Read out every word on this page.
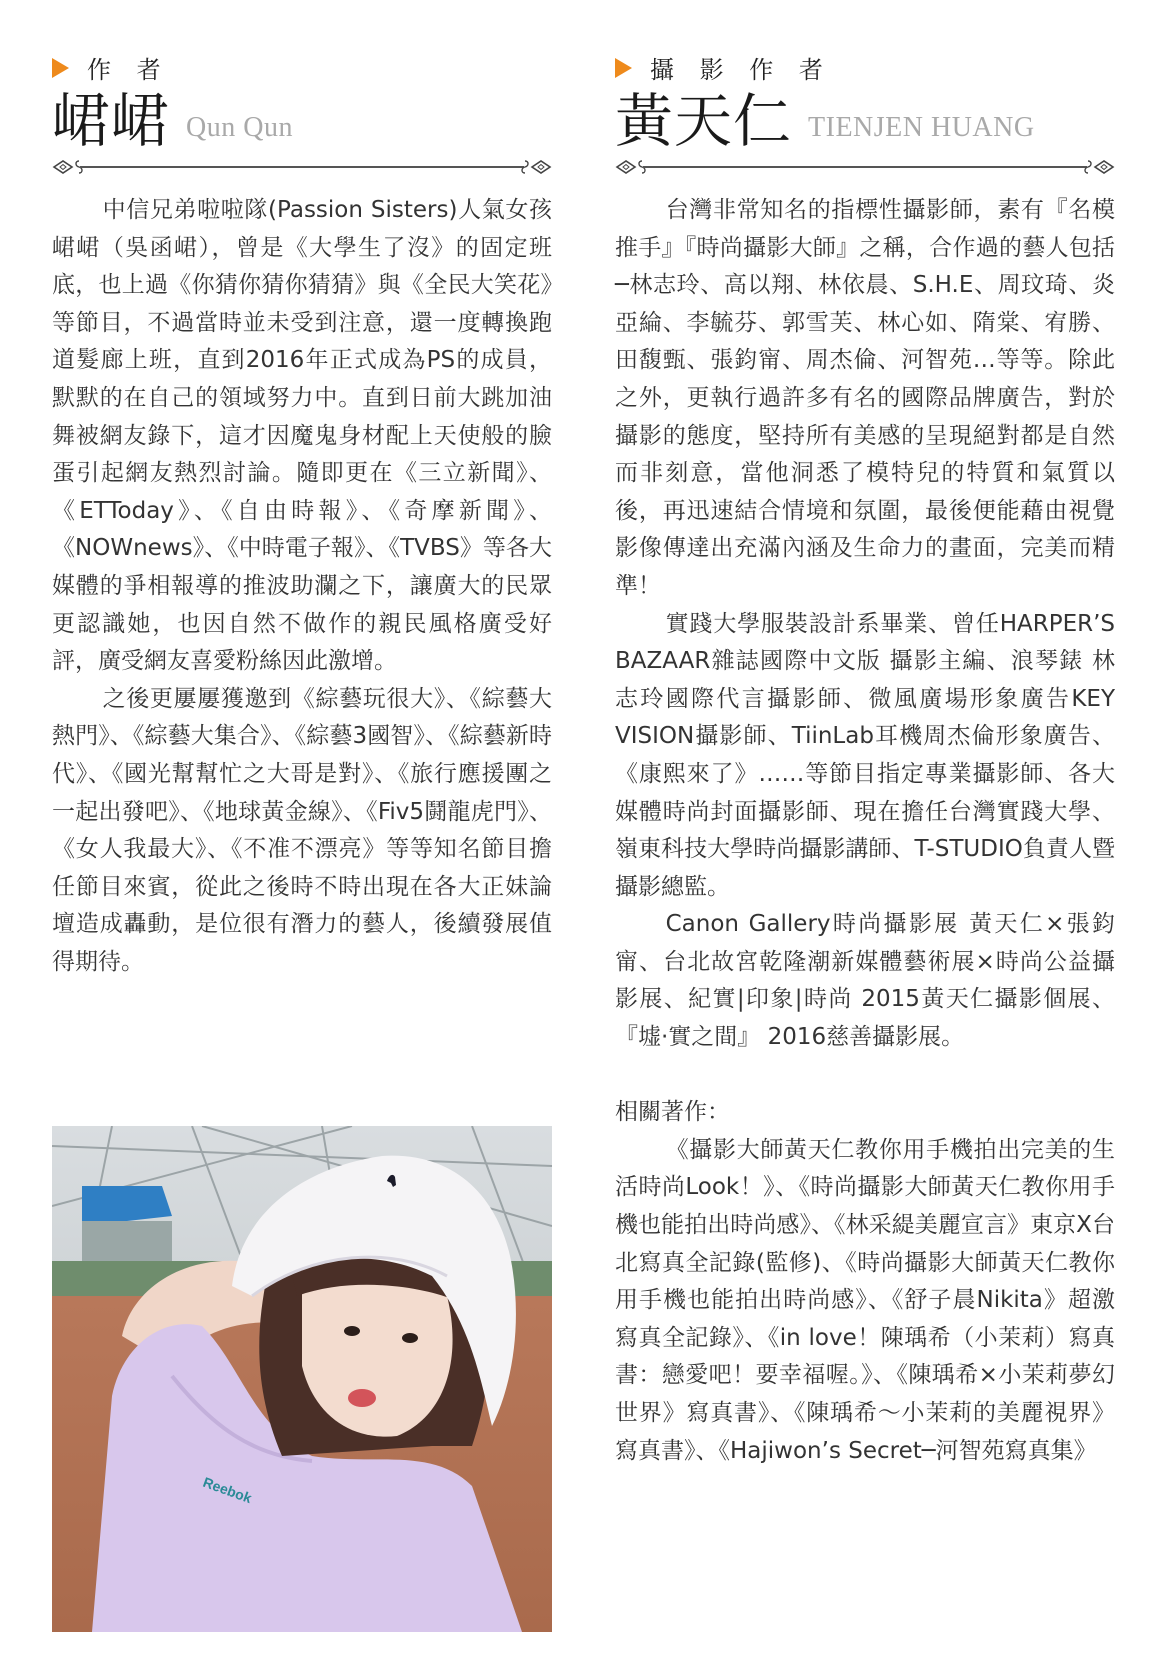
作 者
峮峮 Qun Qun

中信兄弟啦啦隊(Passion Sisters)人氣女孩峮峮（吳函峮），曾是《大學生了沒》的固定班底，也上過《你猜你猜你猜猜》與《全民大笑花》等節目，不過當時並未受到注意，還一度轉換跑道髮廊上班，直到2016年正式成為PS的成員，默默的在自己的領域努力中。直到日前大跳加油舞被網友錄下，這才因魔鬼身材配上天使般的臉蛋引起網友熱烈討論。隨即更在《三立新聞》、《ETToday》、《自由時報》、《奇摩新聞》、《NOWnews》、《中時電子報》、《TVBS》等各大媒體的爭相報導的推波助瀾之下，讓廣大的民眾更認識她，也因自然不做作的親民風格廣受好評，廣受網友喜愛粉絲因此激增。

之後更屢屢獲邀到《綜藝玩很大》、《綜藝大熱門》、《綜藝大集合》、《綜藝3國智》、《綜藝新時代》、《國光幫幫忙之大哥是對》、《旅行應援團之一起出發吧》、《地球黃金線》、《Fiv5鬪龍虎門》、《女人我最大》、《不准不漂亮》等等知名節目擔任節目來賓，從此之後時不時出現在各大正妹論壇造成轟動，是位很有潛力的藝人，後續發展值得期待。

Reebok
攝 影 作 者
黃天仁 TIENJEN HUANG

台灣非常知名的指標性攝影師，素有『名模推手』『時尚攝影大師』之稱，合作過的藝人包括─林志玲、高以翔、林依晨、S.H.E、周玟琦、炎亞綸、李毓芬、郭雪芙、林心如、隋棠、宥勝、田馥甄、張鈞甯、周杰倫、河智苑…等等。除此之外，更執行過許多有名的國際品牌廣告，對於攝影的態度，堅持所有美感的呈現絕對都是自然而非刻意，當他洞悉了模特兒的特質和氣質以後，再迅速結合情境和氛圍，最後便能藉由視覺影像傳達出充滿內涵及生命力的畫面，完美而精準！

實踐大學服裝設計系畢業、曾任HARPER’S BAZAAR雜誌國際中文版 攝影主編、浪琴錶 林志玲國際代言攝影師、微風廣場形象廣告KEY VISION攝影師、TiinLab耳機周杰倫形象廣告、《康熙來了》……等節目指定專業攝影師、各大媒體時尚封面攝影師、現在擔任台灣實踐大學、嶺東科技大學時尚攝影講師、T-STUDIO負責人暨攝影總監。

Canon Gallery時尚攝影展 黃天仁×張鈞甯、台北故宮乾隆潮新媒體藝術展×時尚公益攝影展、紀實|印象|時尚 2015黃天仁攝影個展、『墟·實之間』 2016慈善攝影展。

相關著作：

《攝影大師黃天仁教你用手機拍出完美的生活時尚Look！》、《時尚攝影大師黃天仁教你用手機也能拍出時尚感》、《林采緹美麗宣言》東京X台北寫真全記錄(監修)、《時尚攝影大師黃天仁教你用手機也能拍出時尚感》、《舒子晨Nikita》超激寫真全記錄》、《in love！陳瑀希（小茉莉）寫真書：戀愛吧！要幸福喔。》、《陳瑀希×小茉莉夢幻世界》寫真書》、《陳瑀希～小茉莉的美麗視界》寫真書》、《Hajiwon’s Secret─河智苑寫真集》
